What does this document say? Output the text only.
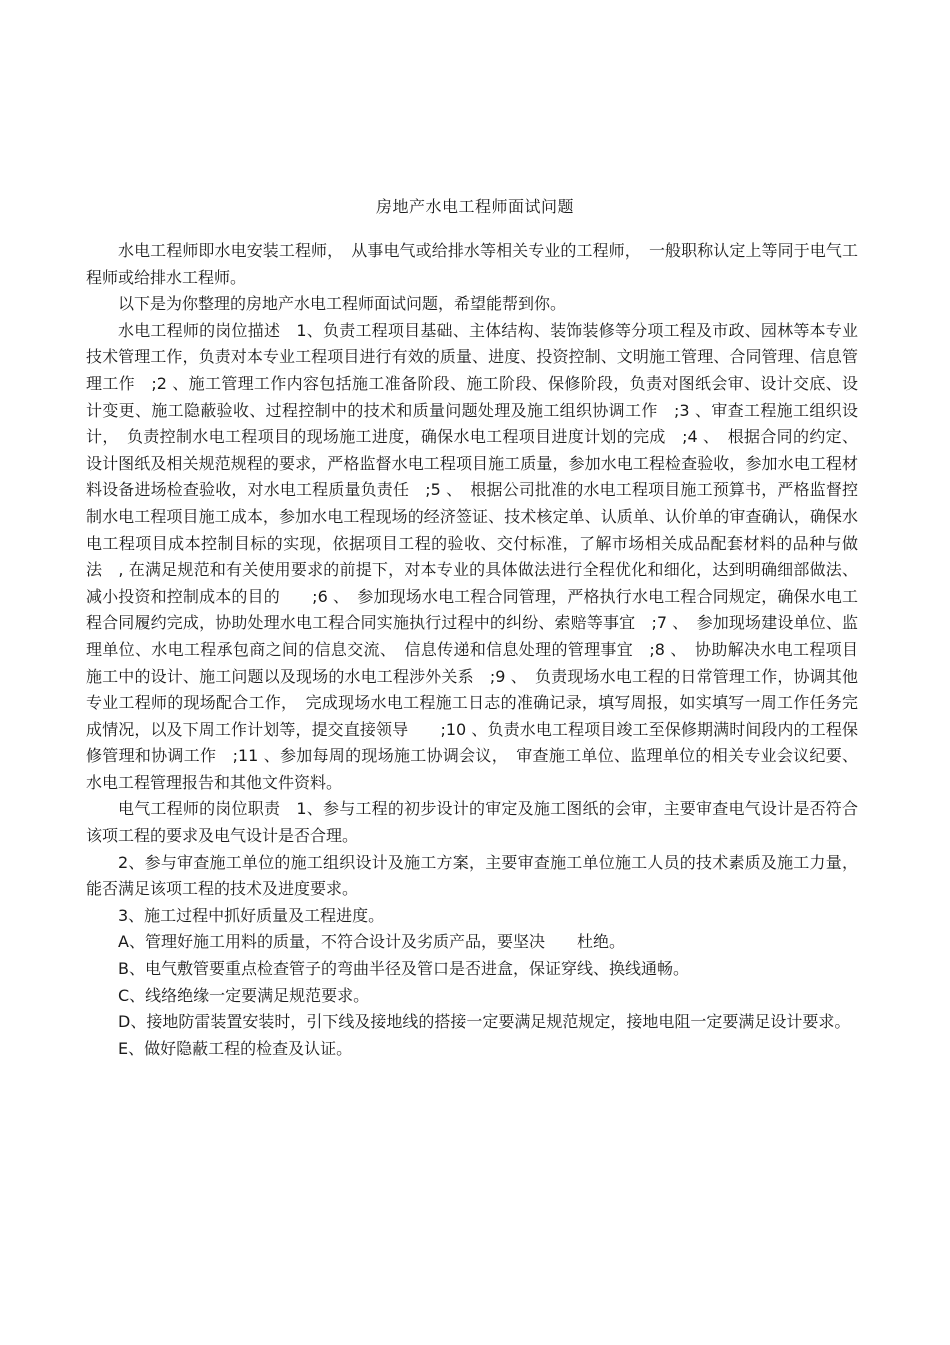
房地产水电工程师面试问题

水电工程师即水电安装工程师，　从事电气或给排水等相关专业的工程师，　一般职称认定上等同于电气工程师或给排水工程师。

以下是为你整理的房地产水电工程师面试问题，希望能帮到你。

水电工程师的岗位描述　1、负责工程项目基础、主体结构、装饰装修等分项工程及市政、园林等本专业技术管理工作，负责对本专业工程项目进行有效的质量、进度、投资控制、文明施工管理、合同管理、信息管理工作　;2 、施工管理工作内容包括施工准备阶段、施工阶段、保修阶段，负责对图纸会审、设计交底、设计变更、施工隐蔽验收、过程控制中的技术和质量问题处理及施工组织协调工作　;3 、审查工程施工组织设计，　负责控制水电工程项目的现场施工进度，确保水电工程项目进度计划的完成　;4 、　根据合同的约定、设计图纸及相关规范规程的要求，严格监督水电工程项目施工质量，参加水电工程检查验收，参加水电工程材料设备进场检查验收，对水电工程质量负责任　;5 、　根据公司批准的水电工程项目施工预算书，严格监督控制水电工程项目施工成本，参加水电工程现场的经济签证、技术核定单、认质单、认价单的审查确认，确保水电工程项目成本控制目标的实现，依据项目工程的验收、交付标准，了解市场相关成品配套材料的品种与做法　, 在满足规范和有关使用要求的前提下，对本专业的具体做法进行全程优化和细化，达到明确细部做法、减小投资和控制成本的目的　　;6 、　参加现场水电工程合同管理，严格执行水电工程合同规定，确保水电工程合同履约完成，协助处理水电工程合同实施执行过程中的纠纷、索赔等事宜　;7 、　参加现场建设单位、监理单位、水电工程承包商之间的信息交流、　信息传递和信息处理的管理事宜　;8 、　协助解决水电工程项目施工中的设计、施工问题以及现场的水电工程涉外关系　;9 、　负责现场水电工程的日常管理工作，协调其他专业工程师的现场配合工作，　完成现场水电工程施工日志的准确记录，填写周报，如实填写一周工作任务完成情况，以及下周工作计划等，提交直接领导　　;10 、负责水电工程项目竣工至保修期满时间段内的工程保修管理和协调工作　;11 、参加每周的现场施工协调会议，　审查施工单位、监理单位的相关专业会议纪要、水电工程管理报告和其他文件资料。

电气工程师的岗位职责　1、参与工程的初步设计的审定及施工图纸的会审，主要审查电气设计是否符合该项工程的要求及电气设计是否合理。

2、参与审查施工单位的施工组织设计及施工方案，主要审查施工单位施工人员的技术素质及施工力量，能否满足该项工程的技术及进度要求。

3、施工过程中抓好质量及工程进度。

A、管理好施工用料的质量，不符合设计及劣质产品，要坚决　　杜绝。

B、电气敷管要重点检查管子的弯曲半径及管口是否进盒，保证穿线、换线通畅。

C、线络绝缘一定要满足规范要求。

D、接地防雷装置安装时，引下线及接地线的搭接一定要满足规范规定，接地电阻一定要满足设计要求。

E、做好隐蔽工程的检查及认证。
